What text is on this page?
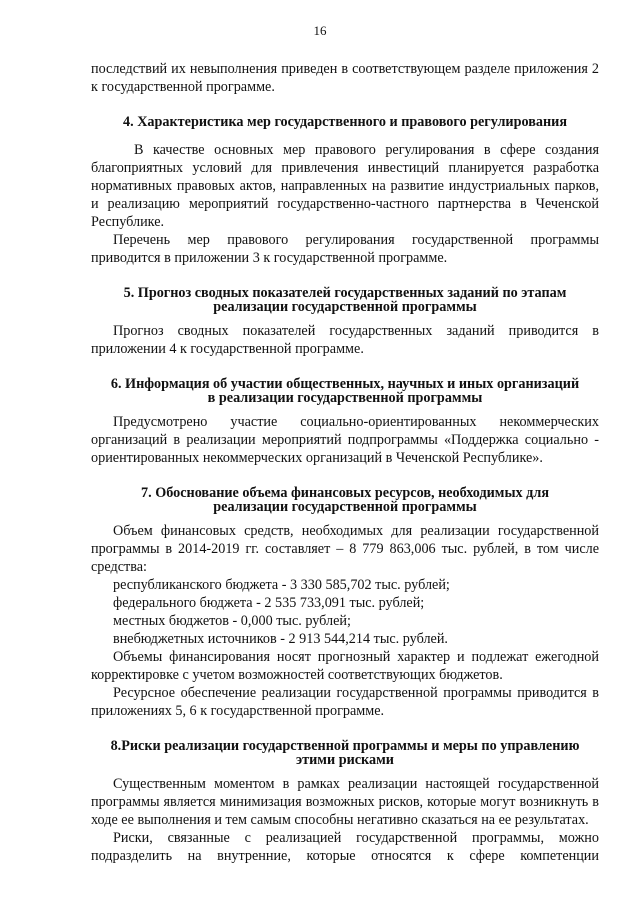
16

последствий их невыполнения приведен в соответствующем разделе приложения 2 к государственной программе.

4. Характеристика мер государственного и правового регулирования

В качестве основных мер правового регулирования в сфере создания благоприятных условий для привлечения инвестиций планируется разработка нормативных правовых актов, направленных на развитие индустриальных парков, и реализацию мероприятий государственно-частного партнерства в Чеченской Республике.

Перечень мер правового регулирования государственной программы приводится в приложении 3 к государственной программе.

5. Прогноз сводных показателей государственных заданий по этапам
реализации государственной программы

Прогноз сводных показателей государственных заданий приводится в приложении 4 к государственной программе.

6. Информация об участии общественных, научных и иных организаций
в реализации государственной программы

Предусмотрено участие социально-ориентированных некоммерческих организаций в реализации мероприятий подпрограммы «Поддержка социально - ориентированных некоммерческих организаций в Чеченской Республике».

7. Обоснование объема финансовых ресурсов, необходимых для
реализации государственной программы

Объем финансовых средств, необходимых для реализации государственной программы в 2014-2019 гг. составляет – 8 779 863,006 тыс. рублей, в том числе средства:

республиканского бюджета - 3 330 585,702 тыс. рублей;

федерального бюджета - 2 535 733,091 тыс. рублей;

местных бюджетов - 0,000 тыс. рублей;

внебюджетных источников - 2 913 544,214 тыс. рублей.

Объемы финансирования носят прогнозный характер и подлежат ежегодной корректировке с учетом возможностей соответствующих бюджетов.

Ресурсное обеспечение реализации государственной программы приводится в приложениях 5, 6 к государственной программе.

8.Риски реализации государственной программы и меры по управлению
этими рисками

Существенным моментом в рамках реализации настоящей государственной программы является минимизация возможных рисков, которые могут возникнуть в ходе ее выполнения и тем самым способны негативно сказаться на ее результатах.

Риски, связанные с реализацией государственной программы, можно подразделить на внутренние, которые относятся к сфере компетенции
